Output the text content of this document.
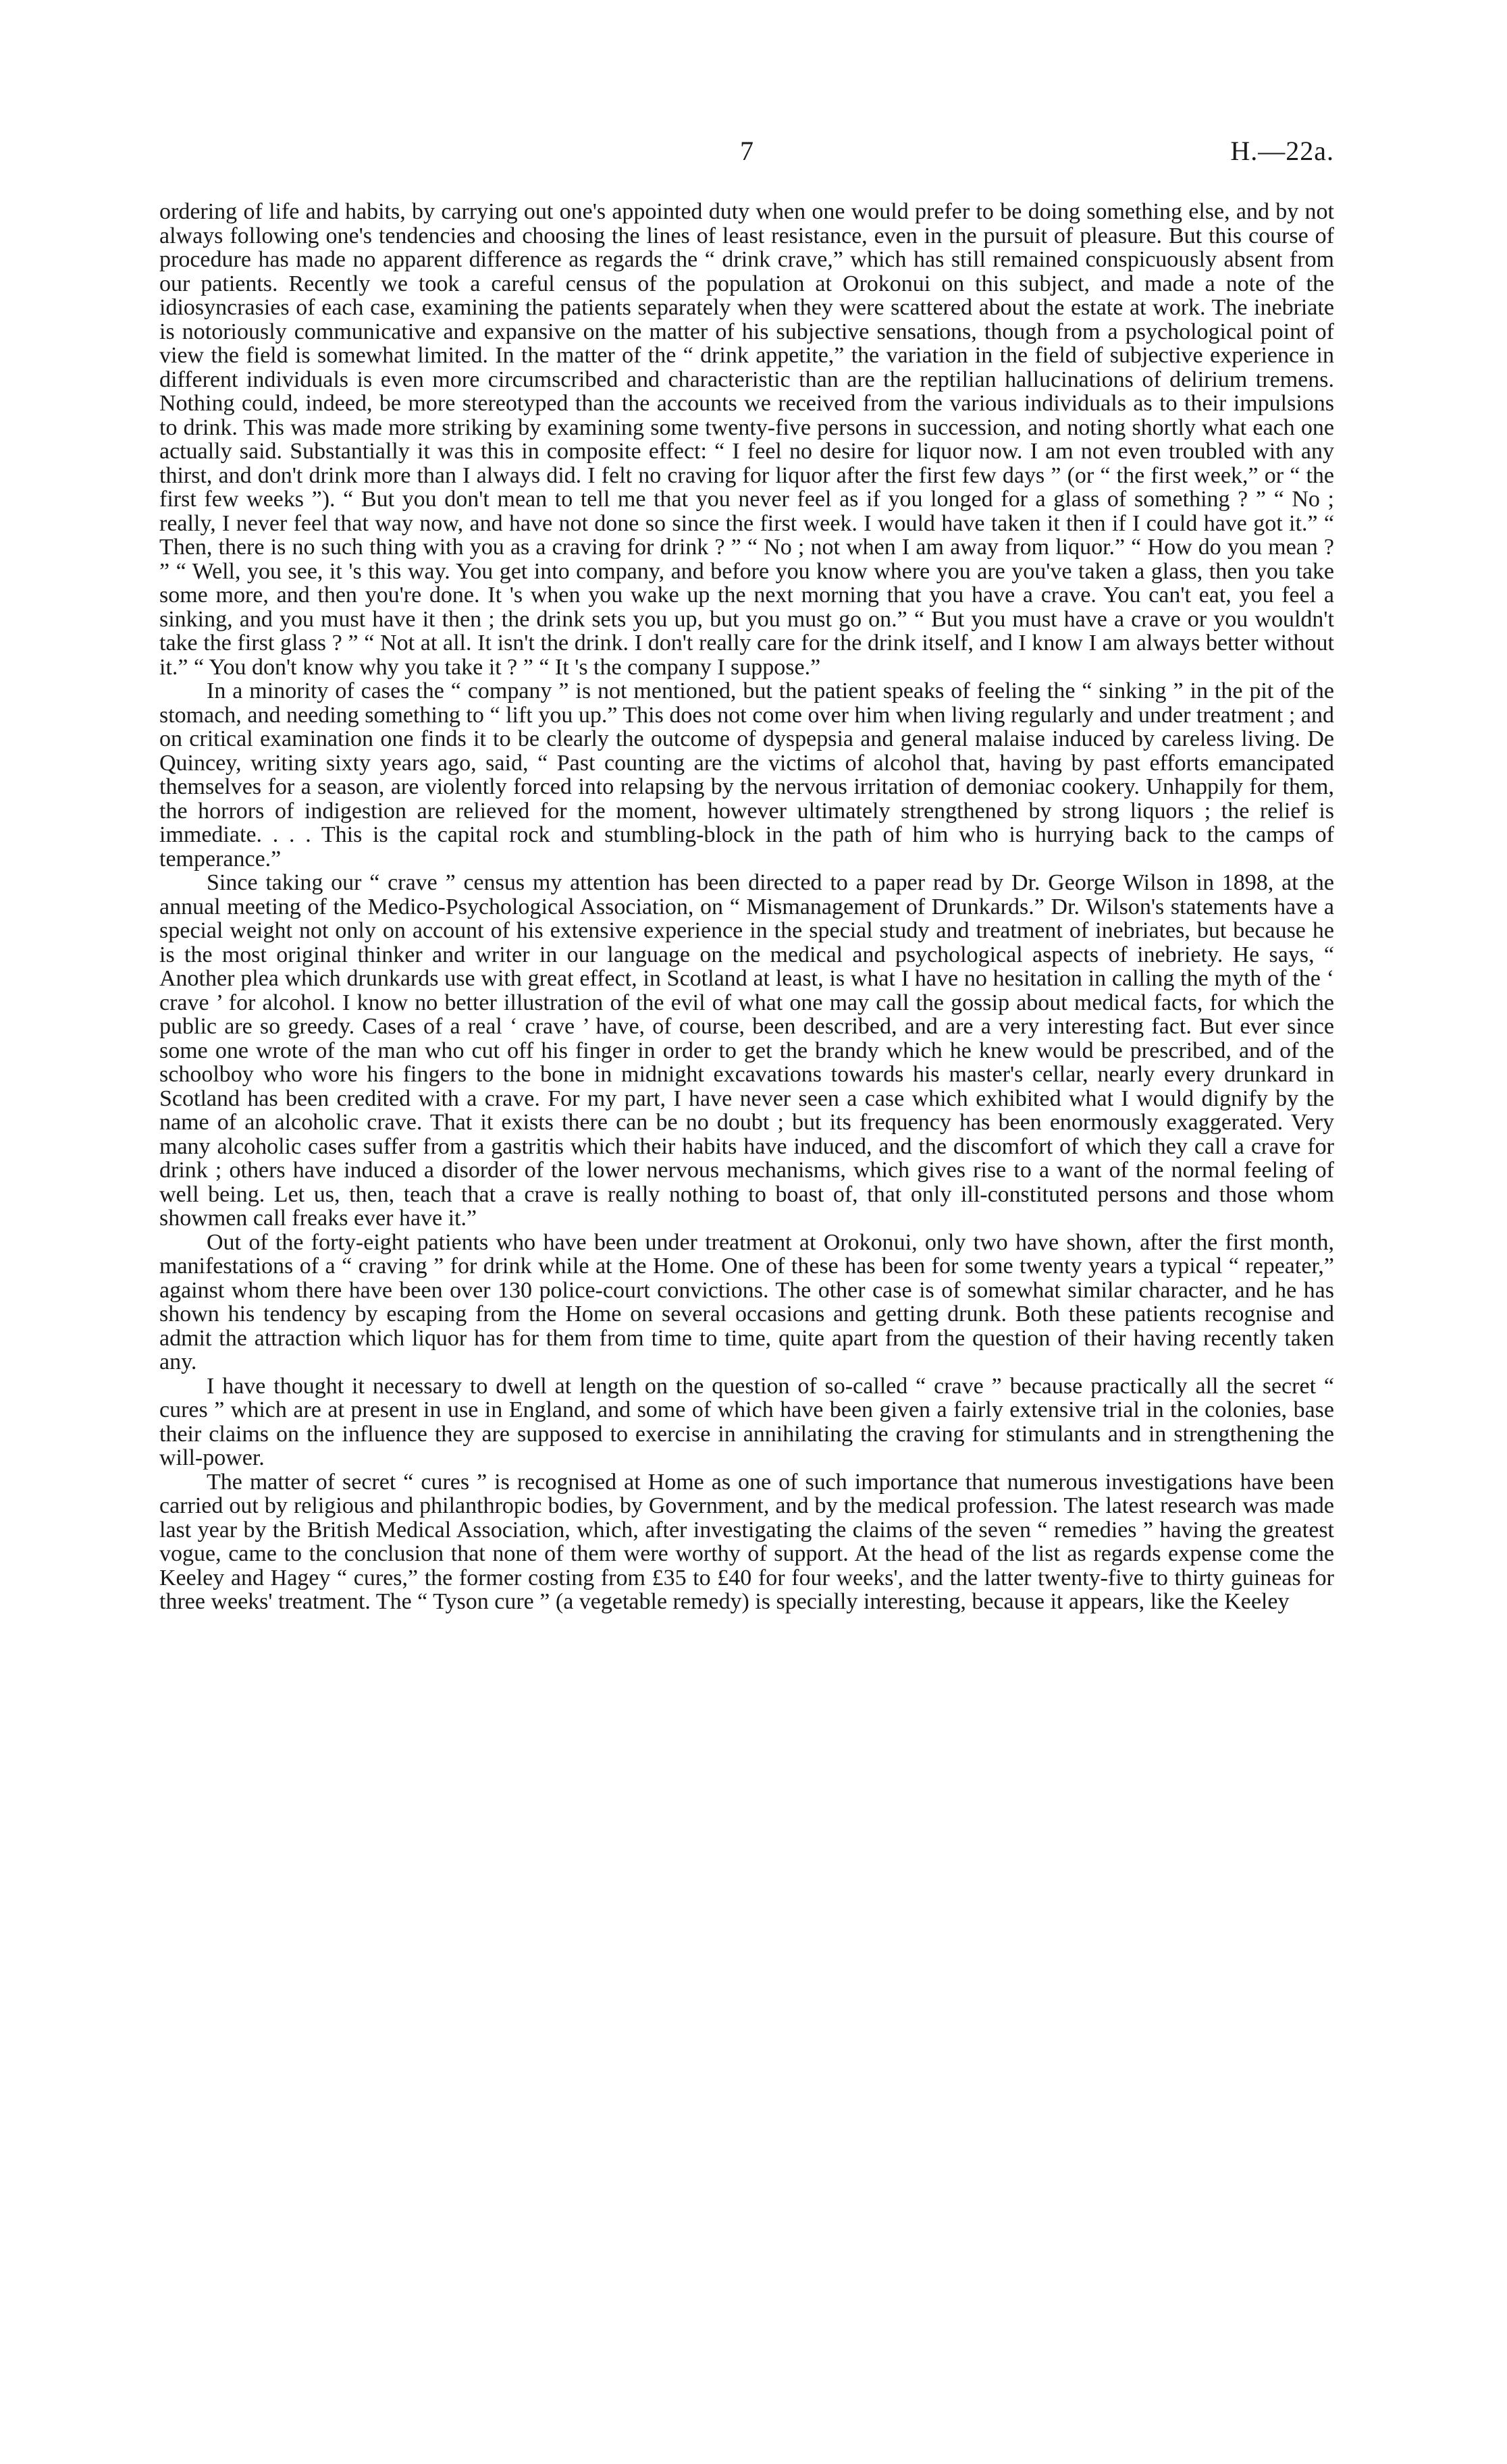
7	H.—22a.

ordering of life and habits, by carrying out one's appointed duty when one would prefer to be doing something else, and by not always following one's tendencies and choosing the lines of least resistance, even in the pursuit of pleasure. But this course of procedure has made no apparent difference as regards the “ drink crave,” which has still remained conspicuously absent from our patients. Recently we took a careful census of the population at Orokonui on this subject, and made a note of the idiosyncrasies of each case, examining the patients separately when they were scattered about the estate at work. The inebriate is notoriously communicative and expansive on the matter of his subjective sensations, though from a psychological point of view the field is somewhat limited. In the matter of the “ drink appetite,” the variation in the field of subjective experience in different individuals is even more circumscribed and characteristic than are the reptilian hallucinations of delirium tremens. Nothing could, indeed, be more stereotyped than the accounts we received from the various individuals as to their impulsions to drink. This was made more striking by examining some twenty-five persons in succession, and noting shortly what each one actually said. Substantially it was this in composite effect: “ I feel no desire for liquor now. I am not even troubled with any thirst, and don't drink more than I always did. I felt no craving for liquor after the first few days ” (or “ the first week,” or “ the first few weeks ”). “ But you don't mean to tell me that you never feel as if you longed for a glass of something ? ” “ No ; really, I never feel that way now, and have not done so since the first week. I would have taken it then if I could have got it.” “ Then, there is no such thing with you as a craving for drink ? ” “ No ; not when I am away from liquor.” “ How do you mean ? ” “ Well, you see, it 's this way. You get into company, and before you know where you are you've taken a glass, then you take some more, and then you're done. It 's when you wake up the next morning that you have a crave. You can't eat, you feel a sinking, and you must have it then ; the drink sets you up, but you must go on.” “ But you must have a crave or you wouldn't take the first glass ? ” “ Not at all. It isn't the drink. I don't really care for the drink itself, and I know I am always better without it.” “ You don't know why you take it ? ” “ It 's the company I suppose.”

In a minority of cases the “ company ” is not mentioned, but the patient speaks of feeling the “ sinking ” in the pit of the stomach, and needing something to “ lift you up.” This does not come over him when living regularly and under treatment ; and on critical examination one finds it to be clearly the outcome of dyspepsia and general malaise induced by careless living. De Quincey, writing sixty years ago, said, “ Past counting are the victims of alcohol that, having by past efforts emancipated themselves for a season, are violently forced into relapsing by the nervous irritation of demoniac cookery. Unhappily for them, the horrors of indigestion are relieved for the moment, however ultimately strengthened by strong liquors ; the relief is immediate. . . . This is the capital rock and stumbling-block in the path of him who is hurrying back to the camps of temperance.”

Since taking our “ crave ” census my attention has been directed to a paper read by Dr. George Wilson in 1898, at the annual meeting of the Medico-Psychological Association, on “ Mismanagement of Drunkards.” Dr. Wilson's statements have a special weight not only on account of his extensive experience in the special study and treatment of inebriates, but because he is the most original thinker and writer in our language on the medical and psychological aspects of inebriety. He says, “ Another plea which drunkards use with great effect, in Scotland at least, is what I have no hesitation in calling the myth of the ‘ crave ’ for alcohol. I know no better illustration of the evil of what one may call the gossip about medical facts, for which the public are so greedy. Cases of a real ‘ crave ’ have, of course, been described, and are a very interesting fact. But ever since some one wrote of the man who cut off his finger in order to get the brandy which he knew would be prescribed, and of the schoolboy who wore his fingers to the bone in midnight excavations towards his master's cellar, nearly every drunkard in Scotland has been credited with a crave. For my part, I have never seen a case which exhibited what I would dignify by the name of an alcoholic crave. That it exists there can be no doubt ; but its frequency has been enormously exaggerated. Very many alcoholic cases suffer from a gastritis which their habits have induced, and the discomfort of which they call a crave for drink ; others have induced a disorder of the lower nervous mechanisms, which gives rise to a want of the normal feeling of well being. Let us, then, teach that a crave is really nothing to boast of, that only ill-constituted persons and those whom showmen call freaks ever have it.”

Out of the forty-eight patients who have been under treatment at Orokonui, only two have shown, after the first month, manifestations of a “ craving ” for drink while at the Home. One of these has been for some twenty years a typical “ repeater,” against whom there have been over 130 police-court convictions. The other case is of somewhat similar character, and he has shown his tendency by escaping from the Home on several occasions and getting drunk. Both these patients recognise and admit the attraction which liquor has for them from time to time, quite apart from the question of their having recently taken any.

I have thought it necessary to dwell at length on the question of so-called “ crave ” because practically all the secret “ cures ” which are at present in use in England, and some of which have been given a fairly extensive trial in the colonies, base their claims on the influence they are supposed to exercise in annihilating the craving for stimulants and in strengthening the will-power.

The matter of secret “ cures ” is recognised at Home as one of such importance that numerous investigations have been carried out by religious and philanthropic bodies, by Government, and by the medical profession. The latest research was made last year by the British Medical Association, which, after investigating the claims of the seven “ remedies ” having the greatest vogue, came to the conclusion that none of them were worthy of support. At the head of the list as regards expense come the Keeley and Hagey “ cures,” the former costing from £35 to £40 for four weeks', and the latter twenty-five to thirty guineas for three weeks' treatment. The “ Tyson cure ” (a vegetable remedy) is specially interesting, because it appears, like the Keeley
